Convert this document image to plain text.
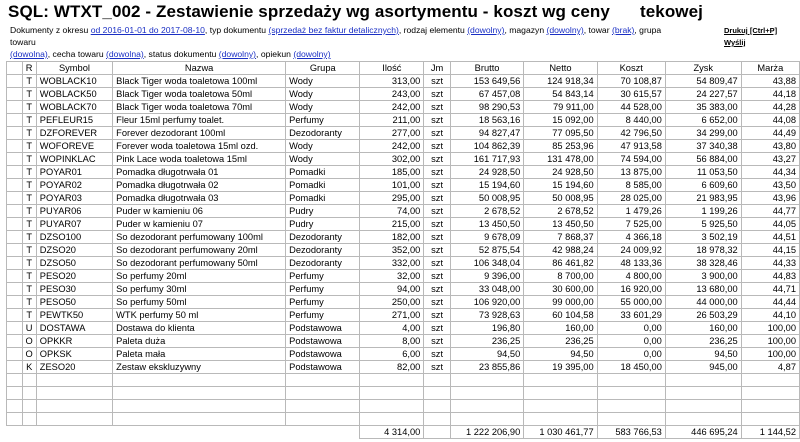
SQL: WTXT_002 - Zestawienie sprzedaży wg asortymentu - koszt wg ceny tekowej
Dokumenty z okresu od 2016-01-01 do 2017-08-10, typ dokumentu (sprzedaż bez faktur detalicznych), rodzaj elementu (dowolny), magazyn (dowolny), towar (brak), grupa towaru
(dowolna), cecha towaru (dowolna), status dokumentu (dowolny), opiekun (dowolny)
Drukuj [Ctrl+P]
Wyślij
	R	Symbol	Nazwa	Grupa	Ilość	Jm	Brutto	Netto	Koszt	Zysk	Marża
	T	WOBLACK10	Black Tiger woda toaletowa 100ml	Wody	313,00	szt	153 649,56	124 918,34	70 108,87	54 809,47	43,88
	T	WOBLACK50	Black Tiger woda toaletowa 50ml	Wody	243,00	szt	67 457,08	54 843,14	30 615,57	24 227,57	44,18
	T	WOBLACK70	Black Tiger woda toaletowa 70ml	Wody	242,00	szt	98 290,53	79 911,00	44 528,00	35 383,00	44,28
	T	PEFLEUR15	Fleur 15ml perfumy toalet.	Perfumy	211,00	szt	18 563,16	15 092,00	8 440,00	6 652,00	44,08
	T	DZFOREVER	Forever dezodorant 100ml	Dezodoranty	277,00	szt	94 827,47	77 095,50	42 796,50	34 299,00	44,49
	T	WOFOREVE	Forever woda toaletowa 15ml ozd.	Wody	242,00	szt	104 862,39	85 253,96	47 913,58	37 340,38	43,80
	T	WOPINKLAC	Pink Lace woda toaletowa 15ml	Wody	302,00	szt	161 717,93	131 478,00	74 594,00	56 884,00	43,27
	T	POYAR01	Pomadka długotrwała 01	Pomadki	185,00	szt	24 928,50	24 928,50	13 875,00	11 053,50	44,34
	T	POYAR02	Pomadka długotrwała 02	Pomadki	101,00	szt	15 194,60	15 194,60	8 585,00	6 609,60	43,50
	T	POYAR03	Pomadka długotrwała 03	Pomadki	295,00	szt	50 008,95	50 008,95	28 025,00	21 983,95	43,96
	T	PUYAR06	Puder w kamieniu 06	Pudry	74,00	szt	2 678,52	2 678,52	1 479,26	1 199,26	44,77
	T	PUYAR07	Puder w kamieniu 07	Pudry	215,00	szt	13 450,50	13 450,50	7 525,00	5 925,50	44,05
	T	DZSO100	So dezodorant perfumowany 100ml	Dezodoranty	182,00	szt	9 678,09	7 868,37	4 366,18	3 502,19	44,51
	T	DZSO20	So dezodorant perfumowany 20ml	Dezodoranty	352,00	szt	52 875,54	42 988,24	24 009,92	18 978,32	44,15
	T	DZSO50	So dezodorant perfumowany 50ml	Dezodoranty	332,00	szt	106 348,04	86 461,82	48 133,36	38 328,46	44,33
	T	PESO20	So perfumy 20ml	Perfumy	32,00	szt	9 396,00	8 700,00	4 800,00	3 900,00	44,83
	T	PESO30	So perfumy 30ml	Perfumy	94,00	szt	33 048,00	30 600,00	16 920,00	13 680,00	44,71
	T	PESO50	So perfumy 50ml	Perfumy	250,00	szt	106 920,00	99 000,00	55 000,00	44 000,00	44,44
	T	PEWTK50	WTK perfumy 50 ml	Perfumy	271,00	szt	73 928,63	60 104,58	33 601,29	26 503,29	44,10
	U	DOSTAWA	Dostawa do klienta	Podstawowa	4,00	szt	196,80	160,00	0,00	160,00	100,00
	O	OPKKR	Paleta duża	Podstawowa	8,00	szt	236,25	236,25	0,00	236,25	100,00
	O	OPKSK	Paleta mała	Podstawowa	6,00	szt	94,50	94,50	0,00	94,50	100,00
	K	ZESO20	Zestaw ekskluzywny	Podstawowa	82,00	szt	23 855,86	19 395,00	18 450,00	945,00	4,87

					4 314,00		1 222 206,90	1 030 461,77	583 766,53	446 695,24	1 144,52
